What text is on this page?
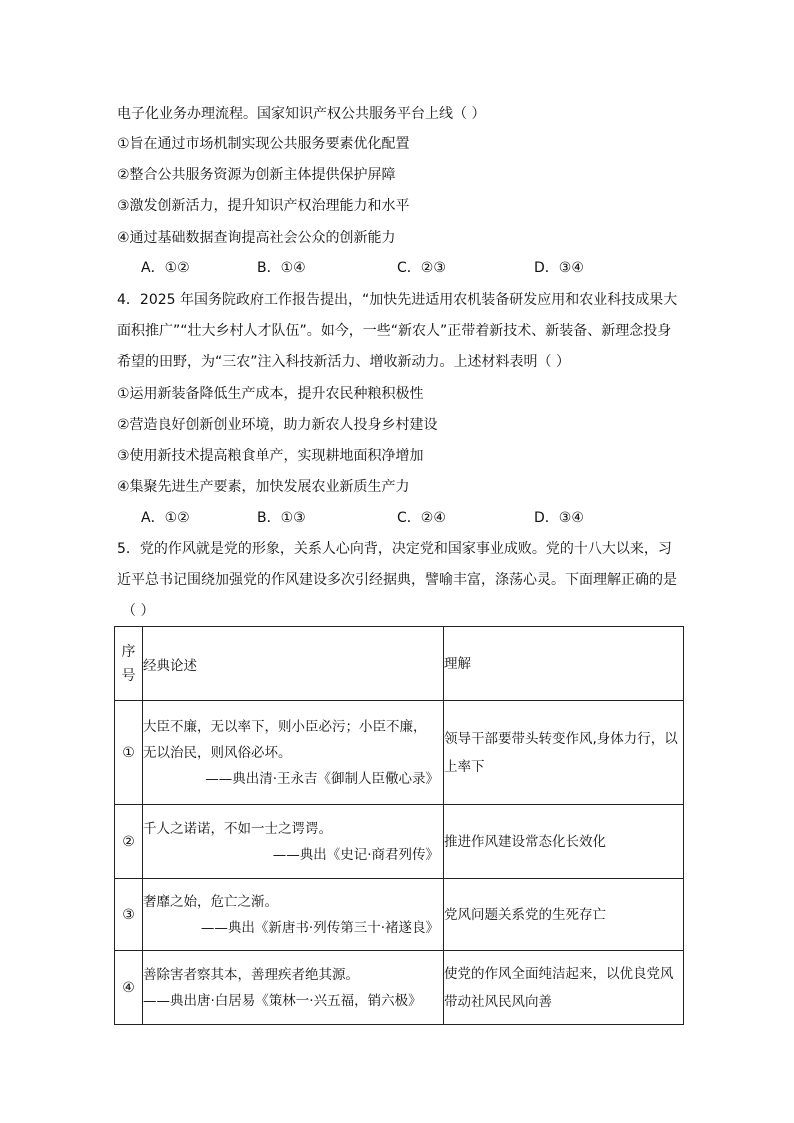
电子化业务办理流程。国家知识产权公共服务平台上线（ ）
①旨在通过市场机制实现公共服务要素优化配置
②整合公共服务资源为创新主体提供保护屏障
③激发创新活力，提升知识产权治理能力和水平
④通过基础数据查询提高社会公众的创新能力
A．①②	B．①④	C．②③	D．③④
4．2025 年国务院政府工作报告提出，“加快先进适用农机装备研发应用和农业科技成果大
面积推广”“壮大乡村人才队伍”。如今，一些“新农人”正带着新技术、新装备、新理念投身
希望的田野，为“三农”注入科技新活力、增收新动力。上述材料表明（ ）
①运用新装备降低生产成本，提升农民种粮积极性
②营造良好创新创业环境，助力新农人投身乡村建设
③使用新技术提高粮食单产，实现耕地面积净增加
④集聚先进生产要素，加快发展农业新质生产力
A．①②	B．①③	C．②④	D．③④
5．党的作风就是党的形象，关系人心向背，决定党和国家事业成败。党的十八大以来，习
近平总书记围绕加强党的作风建设多次引经据典，譬喻丰富，涤荡心灵。下面理解正确的是
（ ）
序
号	经典论述	理解
①	大臣不廉，无以率下，则小臣必污；小臣不廉，
无以治民，则风俗必坏。
——典出清·王永吉《御制人臣儆心录》	领导干部要带头转变作风,身体力行，以上率下
②	千人之诺诺，不如一士之谔谔。
——典出《史记·商君列传》	推进作风建设常态化长效化
③	奢靡之始，危亡之渐。
——典出《新唐书·列传第三十·褚遂良》	党风问题关系党的生死存亡
④	善除害者察其本，善理疾者绝其源。
——典出唐·白居易《策林一·兴五福，销六极》	使党的作风全面纯洁起来，以优良党风带动社风民风向善
